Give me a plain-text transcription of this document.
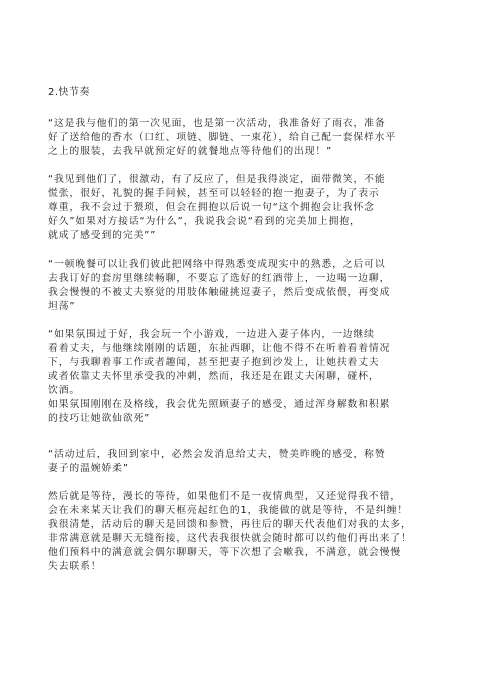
2.快节奏
“这是我与他们的第一次见面，也是第一次活动，我准备好了雨衣，准备
好了送给他的香水（口红、项链、脚链、一束花），给自己配一套保样水平
之上的服装，去我早就预定好的就餐地点等待他们的出现！”
“我见到他们了，很激动，有了反应了，但是我得淡定，面带微笑，不能
慌张，很好，礼貌的握手问候，甚至可以轻轻的抱一抱妻子，为了表示
尊重，我不会过于猥琐，但会在拥抱以后说一句“这个拥抱会让我怀念
好久”如果对方接话“为什么”，我说我会说“看到的完美加上拥抱，
就成了感受到的完美””
“一顿晚餐可以让我们彼此把网络中得熟悉变成现实中的熟悉，之后可以
去我订好的套房里继续畅聊，不要忘了选好的红酒带上，一边喝一边聊，
我会慢慢的不被丈夫察觉的用肢体触碰挑逗妻子，然后变成依偎，再变成
坦荡”
“如果氛围过于好，我会玩一个小游戏，一边进入妻子体内，一边继续
看着丈夫，与他继续刚刚的话题，东扯西聊，让他不得不在听着看着情况
下，与我聊着事工作或者趣闻，甚至把妻子抱到沙发上，让她扶着丈夫
或者依靠丈夫怀里承受我的冲刺，然而，我还是在跟丈夫闲聊，碰杯，
饮酒。
如果氛围刚刚在及格线，我会优先照顾妻子的感受，通过浑身解数和积累
的技巧让她欲仙欲死”
“活动过后，我回到家中，必然会发消息给丈夫，赞美昨晚的感受，称赞
妻子的温婉娇柔”
然后就是等待，漫长的等待，如果他们不是一夜情典型，又还觉得我不错，
会在未来某天让我们的聊天框亮起红色的1，我能做的就是等待，不是纠缠！
我很清楚，活动后的聊天是回馈和参赞，再往后的聊天代表他们对我的太多，
非常满意就是聊天无缝衔接，这代表我很快就会随时都可以约他们再出来了！
他们预料中的满意就会偶尔聊聊天，等下次想了会嗽我，不满意，就会慢慢
失去联系！
